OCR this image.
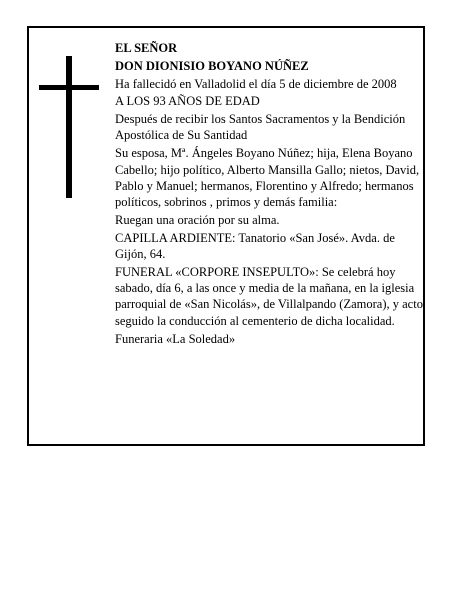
EL SEÑOR

DON DIONISIO BOYANO NÚÑEZ

Ha fallecidó en Valladolid el día 5 de diciembre de 2008

A LOS 93 AÑOS DE EDAD

Después de recibir los Santos Sacramentos y la Bendición Apostólica de Su Santidad

Su esposa, Mª. Ángeles Boyano Núñez; hija, Elena Boyano Cabello; hijo político, Alberto Mansilla Gallo; nietos, David, Pablo y Manuel; hermanos, Florentino y Alfredo; hermanos políticos, sobrinos , primos y demás familia:

Ruegan una oración por su alma.

CAPILLA ARDIENTE: Tanatorio «San José». Avda. de Gijón, 64.

FUNERAL «CORPORE INSEPULTO»: Se celebrá hoy sabado, día 6, a las once y media de la mañana, en la iglesia parroquial de «San Nicolás», de Villalpando (Zamora), y acto seguido la conducción al cementerio de dicha localidad.

Funeraria «La Soledad»
